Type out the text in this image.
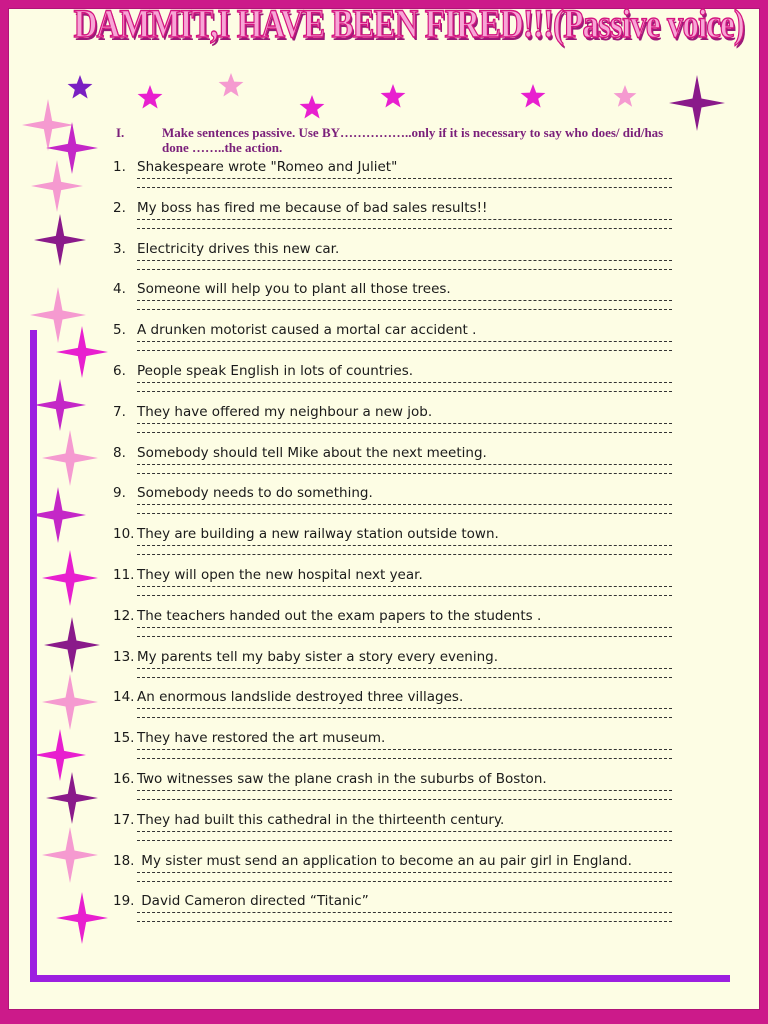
DAMMIT,I HAVE BEEN FIRED!!!(Passive voice)
I.	Make sentences passive. Use BY……………..only if it is necessary to say who does/ did/has done ……..the action.
1. Shakespeare wrote "Romeo and Juliet"
2. My boss has fired me because of bad sales results!!
3. Electricity drives this new car.
4. Someone will help you to plant all those trees.
5. A drunken motorist caused a mortal car accident .
6. People speak English in lots of countries.
7. They have offered my neighbour a new job.
8. Somebody should tell Mike about the next meeting.
9. Somebody needs to do something.
10. They are building a new railway station outside town.
11. They will open the new hospital next year.
12. The teachers handed out the exam papers to the students .
13. My parents tell my baby sister a story every evening.
14. An enormous landslide destroyed three villages.
15. They have restored the art museum.
16. Two witnesses saw the plane crash in the suburbs of Boston.
17. They had built this cathedral in the thirteenth century.
18. My sister must send an application to become an au pair girl in England.
19. David Cameron directed “Titanic”
